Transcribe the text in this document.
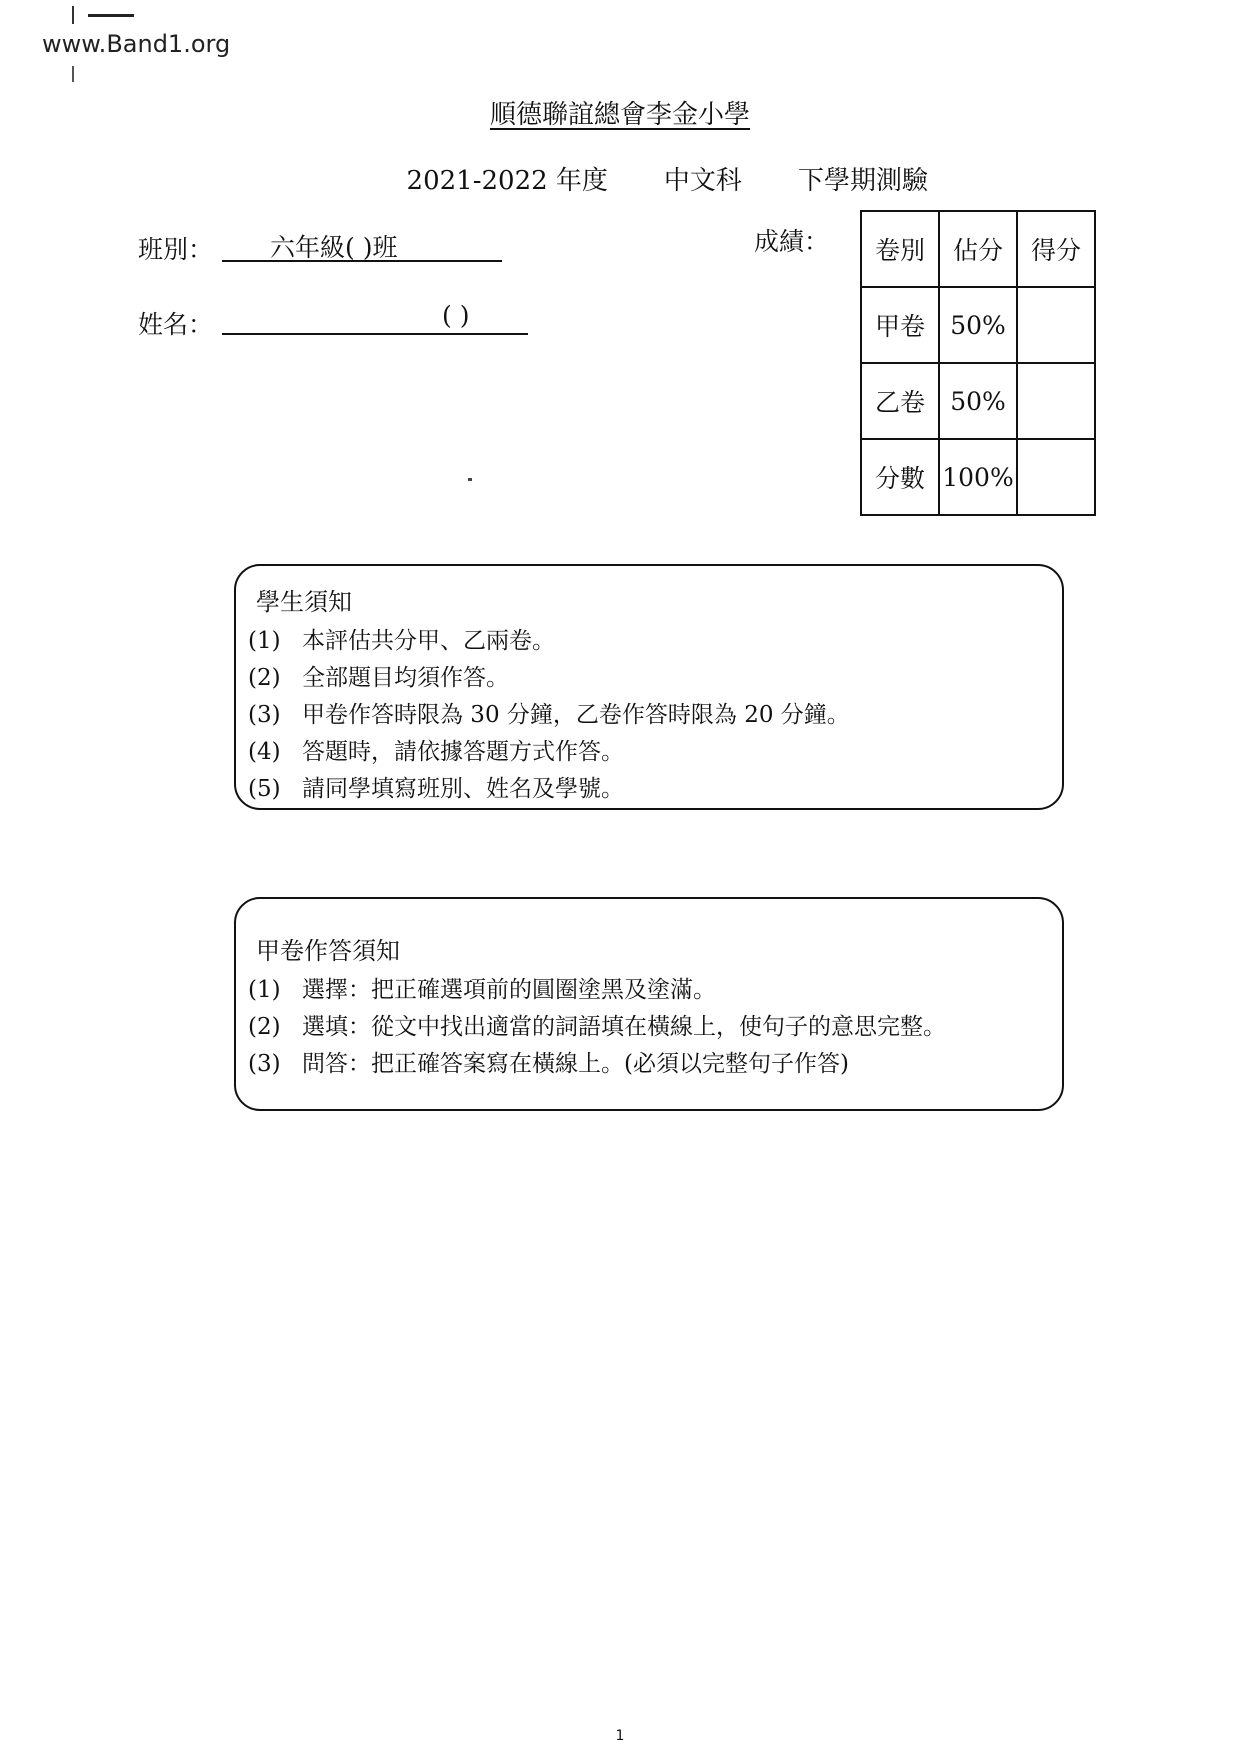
www.Band1.org
順德聯誼總會李金小學

2021-2022 年度 中文科 下學期測驗

班別： 六年級( )班
姓名：	( )
成績： 卷別	佔分	得分
甲卷	50%	
乙卷	50%	
分數	100%	
學生須知
(1) 本評估共分甲、乙兩卷。
(2) 全部題目均須作答。
(3) 甲卷作答時限為 30 分鐘，乙卷作答時限為 20 分鐘。
(4) 答題時，請依據答題方式作答。
(5) 請同學填寫班別、姓名及學號。
甲卷作答須知
(1) 選擇：把正確選項前的圓圈塗黑及塗滿。
(2) 選填：從文中找出適當的詞語填在橫線上，使句子的意思完整。
(3) 問答：把正確答案寫在橫線上。(必須以完整句子作答)
1
